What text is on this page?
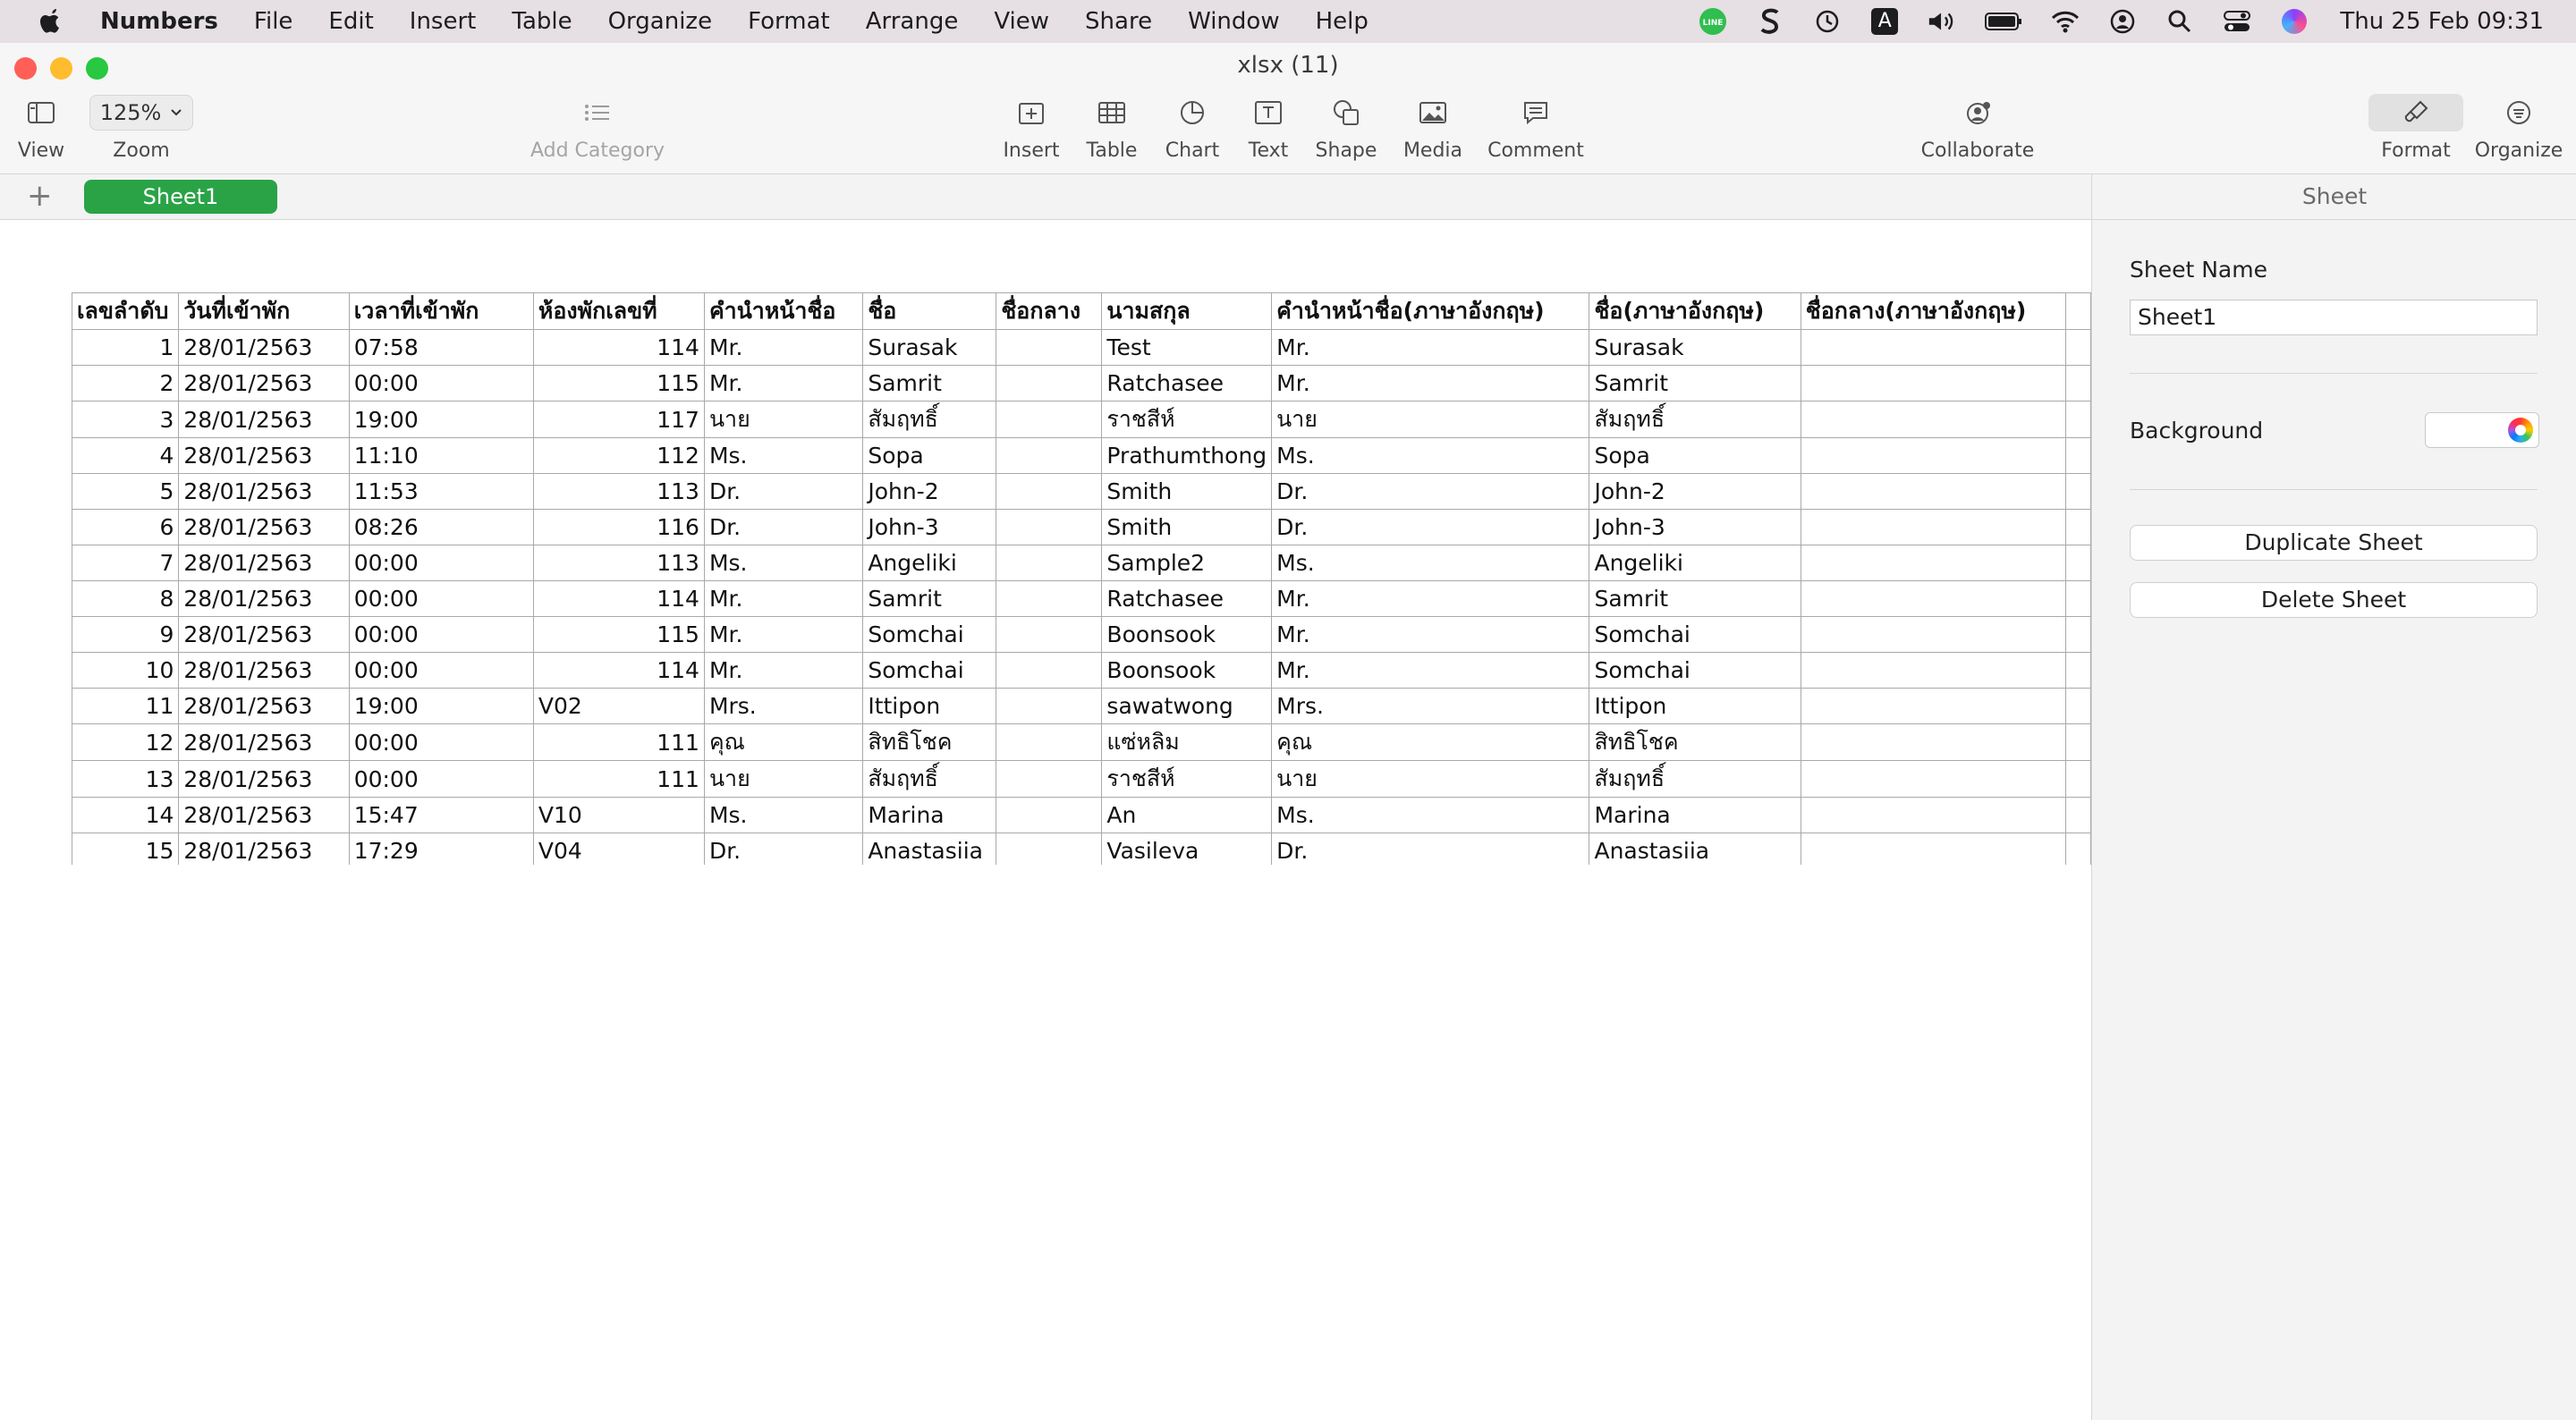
Numbers File Edit Insert Table Organize Format Arrange View Share Window Help	LINE	A	Thu 25 Feb 09:31
xlsx (11)
View
125%
Zoom	Add Category	Insert Table Chart Text Shape Media Comment	Collaborate	Format Organize
+	Sheet1
เลขลำดับ	วันที่เข้าพัก	เวลาที่เข้าพัก	ห้องพักเลขที่	คำนำหน้าชื่อ	ชื่อ	ชื่อกลาง	นามสกุล	คำนำหน้าชื่อ(ภาษาอังกฤษ)	ชื่อ(ภาษาอังกฤษ)	ชื่อกลาง(ภาษาอังกฤษ)	
1	28/01/2563	07:58	114	Mr.	Surasak		Test	Mr.	Surasak		
2	28/01/2563	00:00	115	Mr.	Samrit		Ratchasee	Mr.	Samrit		
3	28/01/2563	19:00	117	นาย	สัมฤทธิ์		ราชสีห์	นาย	สัมฤทธิ์		
4	28/01/2563	11:10	112	Ms.	Sopa		Prathumthong	Ms.	Sopa		
5	28/01/2563	11:53	113	Dr.	John-2		Smith	Dr.	John-2		
6	28/01/2563	08:26	116	Dr.	John-3		Smith	Dr.	John-3		
7	28/01/2563	00:00	113	Ms.	Angeliki		Sample2	Ms.	Angeliki		
8	28/01/2563	00:00	114	Mr.	Samrit		Ratchasee	Mr.	Samrit		
9	28/01/2563	00:00	115	Mr.	Somchai		Boonsook	Mr.	Somchai		
10	28/01/2563	00:00	114	Mr.	Somchai		Boonsook	Mr.	Somchai		
11	28/01/2563	19:00	V02	Mrs.	Ittipon		sawatwong	Mrs.	Ittipon		
12	28/01/2563	00:00	111	คุณ	สิทธิโชค		แซ่หลิม	คุณ	สิทธิโชค		
13	28/01/2563	00:00	111	นาย	สัมฤทธิ์		ราชสีห์	นาย	สัมฤทธิ์		
14	28/01/2563	15:47	V10	Ms.	Marina		An	Ms.	Marina		
15	28/01/2563	17:29	V04	Dr.	Anastasiia		Vasileva	Dr.	Anastasiia		
Sheet
Sheet Name
Sheet1
Background
Duplicate Sheet
Delete Sheet
